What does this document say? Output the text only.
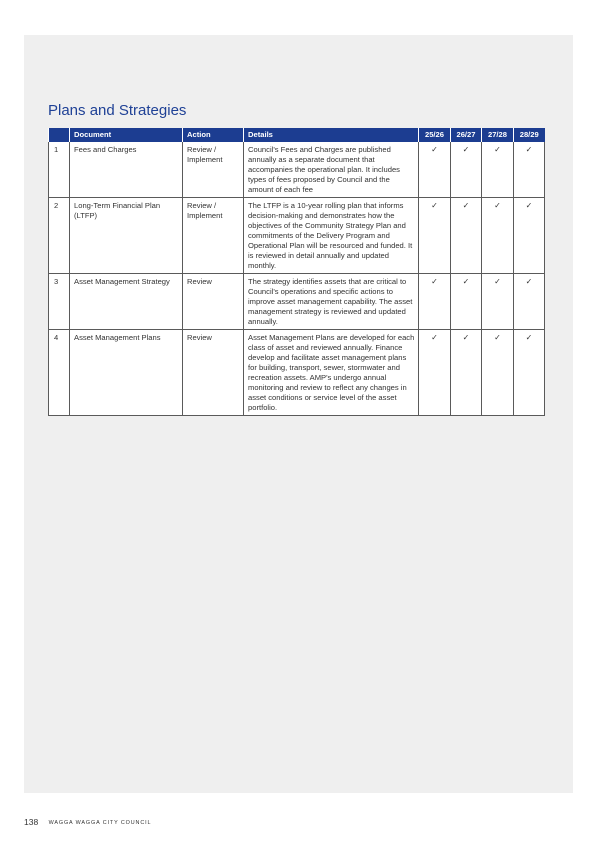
Plans and Strategies
	Document	Action	Details	25/26	26/27	27/28	28/29
1	Fees and Charges	Review / Implement	Council's Fees and Charges are published annually as a separate document that accompanies the operational plan. It includes types of fees proposed by Council and the amount of each fee	✓	✓	✓	✓
2	Long-Term Financial Plan (LTFP)	Review / Implement	The LTFP is a 10-year rolling plan that informs decision-making and demonstrates how the objectives of the Community Strategy Plan and commitments of the Delivery Program and Operational Plan will be resourced and funded. It is reviewed in detail annually and updated monthly.	✓	✓	✓	✓
3	Asset Management Strategy	Review	The strategy identifies assets that are critical to Council's operations and specific actions to improve asset management capability. The asset management strategy is reviewed and updated annually.	✓	✓	✓	✓
4	Asset Management Plans	Review	Asset Management Plans are developed for each class of asset and reviewed annually. Finance develop and facilitate asset management plans for building, transport, sewer, stormwater and recreation assets. AMP's undergo annual monitoring and review to reflect any changes in asset conditions or service level of the asset portfolio.	✓	✓	✓	✓
138 WAGGA WAGGA CITY COUNCIL
